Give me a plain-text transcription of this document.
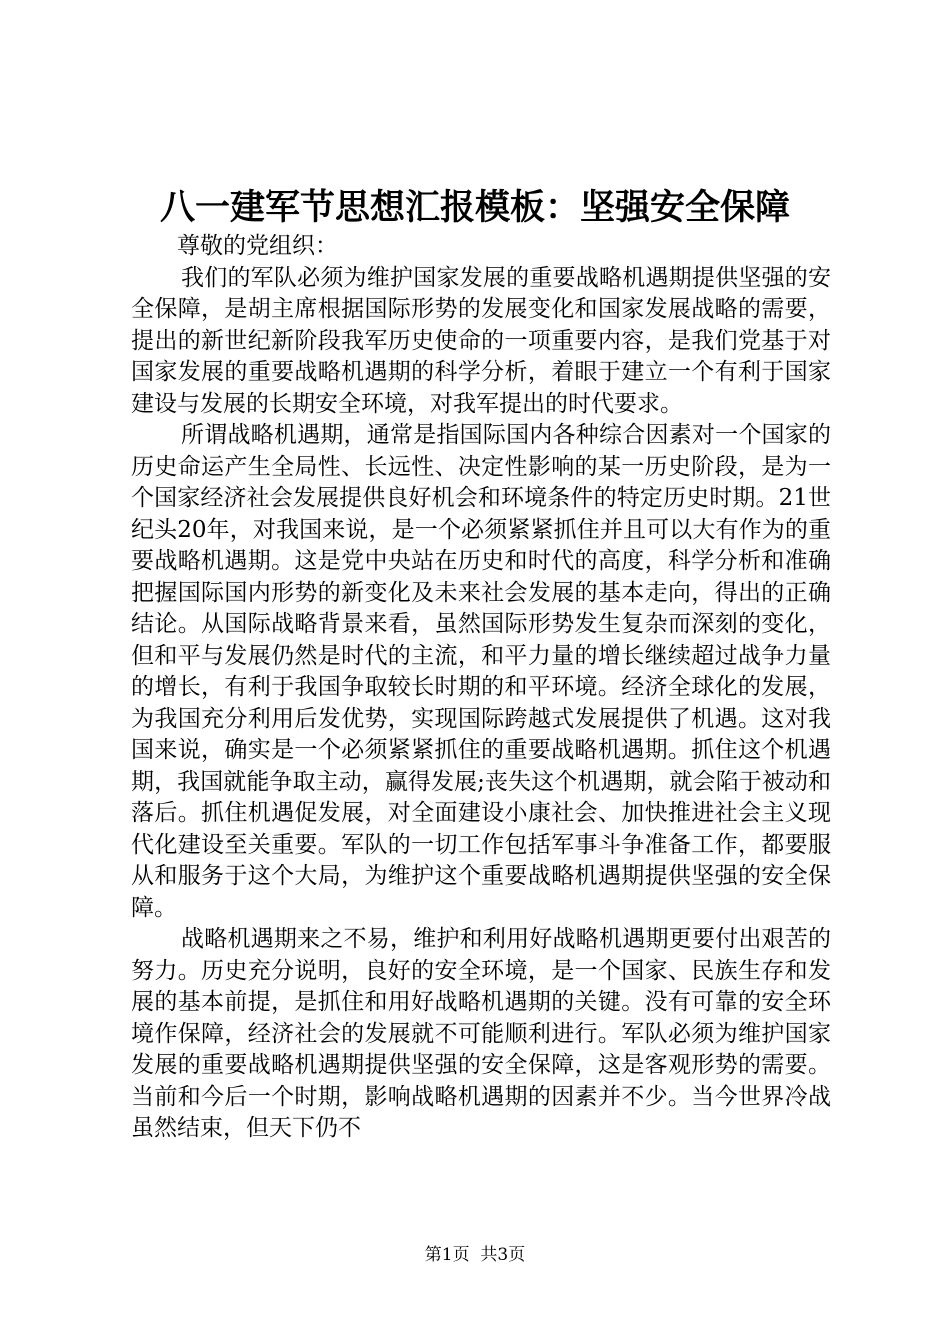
八一建军节思想汇报模板：坚强安全保障

尊敬的党组织：

我们的军队必须为维护国家发展的重要战略机遇期提供坚强的安全保障，是胡主席根据国际形势的发展变化和国家发展战略的需要，提出的新世纪新阶段我军历史使命的一项重要内容，是我们党基于对国家发展的重要战略机遇期的科学分析，着眼于建立一个有利于国家建设与发展的长期安全环境，对我军提出的时代要求。

所谓战略机遇期，通常是指国际国内各种综合因素对一个国家的历史命运产生全局性、长远性、决定性影响的某一历史阶段，是为一个国家经济社会发展提供良好机会和环境条件的特定历史时期。21世纪头20年，对我国来说，是一个必须紧紧抓住并且可以大有作为的重要战略机遇期。这是党中央站在历史和时代的高度，科学分析和准确把握国际国内形势的新变化及未来社会发展的基本走向，得出的正确结论。从国际战略背景来看，虽然国际形势发生复杂而深刻的变化，但和平与发展仍然是时代的主流，和平力量的增长继续超过战争力量的增长，有利于我国争取较长时期的和平环境。经济全球化的发展，为我国充分利用后发优势，实现国际跨越式发展提供了机遇。这对我国来说，确实是一个必须紧紧抓住的重要战略机遇期。抓住这个机遇期，我国就能争取主动，赢得发展;丧失这个机遇期，就会陷于被动和落后。抓住机遇促发展，对全面建设小康社会、加快推进社会主义现代化建设至关重要。军队的一切工作包括军事斗争准备工作，都要服从和服务于这个大局，为维护这个重要战略机遇期提供坚强的安全保障。

战略机遇期来之不易，维护和利用好战略机遇期更要付出艰苦的努力。历史充分说明，良好的安全环境，是一个国家、民族生存和发展的基本前提，是抓住和用好战略机遇期的关键。没有可靠的安全环境作保障，经济社会的发展就不可能顺利进行。军队必须为维护国家发展的重要战略机遇期提供坚强的安全保障，这是客观形势的需要。当前和今后一个时期，影响战略机遇期的因素并不少。当今世界冷战虽然结束，但天下仍不

第1页  共3页
